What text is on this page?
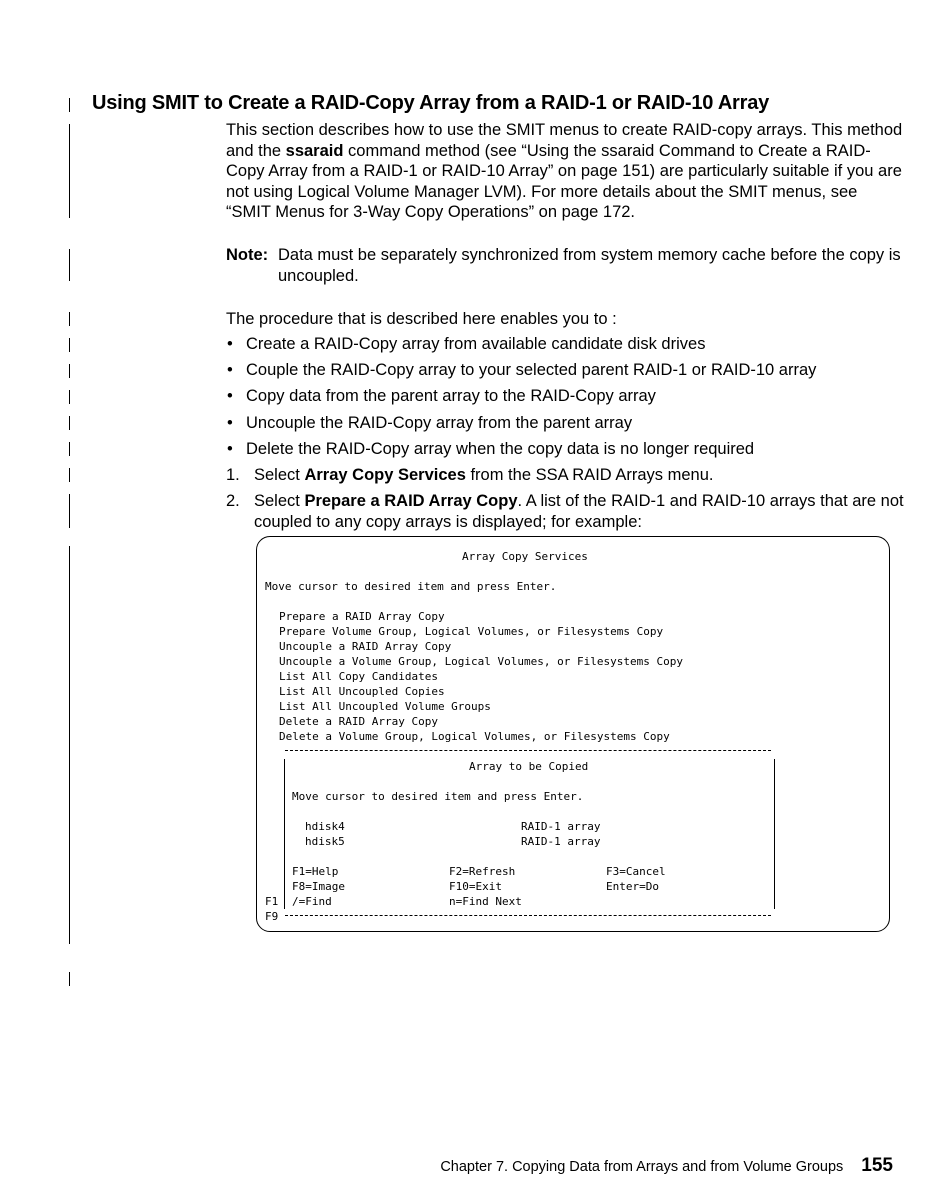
Using SMIT to Create a RAID-Copy Array from a RAID-1 or RAID-10 Array

This section describes how to use the SMIT menus to create RAID-copy arrays. This method and the ssaraid command method (see “Using the ssaraid Command to Create a RAID-Copy Array from a RAID-1 or RAID-10 Array” on page 151) are particularly suitable if you are not using Logical Volume Manager LVM). For more details about the SMIT menus, see “SMIT Menus for 3-Way Copy Operations” on page 172.

Note: Data must be separately synchronized from system memory cache before the copy is uncoupled.
The procedure that is described here enables you to :
• Create a RAID-Copy array from available candidate disk drives
• Couple the RAID-Copy array to your selected parent RAID-1 or RAID-10 array
• Copy data from the parent array to the RAID-Copy array
• Uncouple the RAID-Copy array from the parent array
• Delete the RAID-Copy array when the copy data is no longer required
1. Select Array Copy Services from the SSA RAID Arrays menu.
2. Select Prepare a RAID Array Copy. A list of the RAID-1 and RAID-10 arrays that are not coupled to any copy arrays is displayed; for example:
Array Copy Services
Move cursor to desired item and press Enter.
Prepare a RAID Array Copy
Prepare Volume Group, Logical Volumes, or Filesystems Copy
Uncouple a RAID Array Copy
Uncouple a Volume Group, Logical Volumes, or Filesystems Copy
List All Copy Candidates
List All Uncoupled Copies
List All Uncoupled Volume Groups
Delete a RAID Array Copy
Delete a Volume Group, Logical Volumes, or Filesystems Copy
Array to be Copied
Move cursor to desired item and press Enter.
hdisk4	RAID-1 array
hdisk5	RAID-1 array
F1=Help	F2=Refresh	F3=Cancel
F8=Image	F10=Exit	Enter=Do
/=Find	n=Find Next
F1
F9
Chapter 7. Copying Data from Arrays and from Volume Groups 155
